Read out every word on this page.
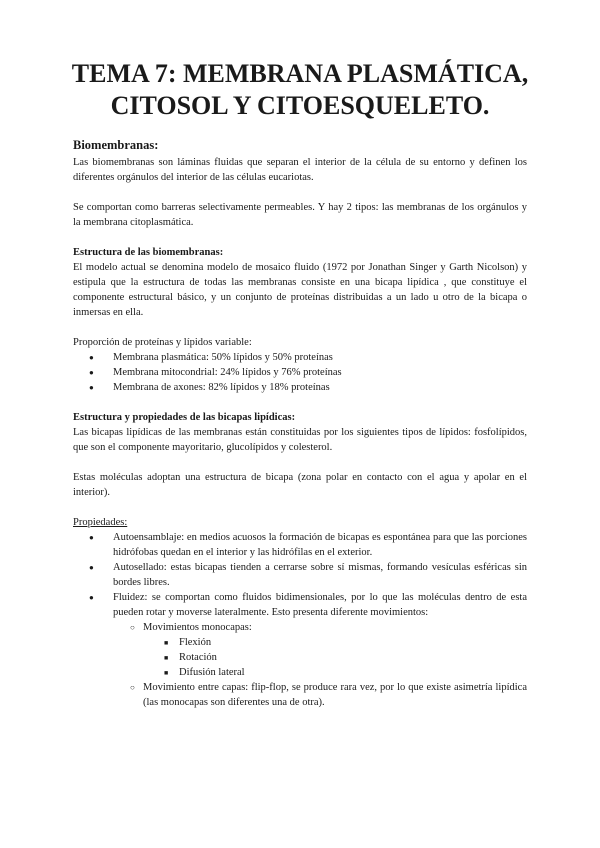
TEMA 7: MEMBRANA PLASMÁTICA,
CITOSOL Y CITOESQUELETO.
Biomembranas:

Las biomembranas son láminas fluidas que separan el interior de la célula de su entorno y definen los diferentes orgánulos del interior de las células eucariotas.

Se comportan como barreras selectivamente permeables. Y hay 2 tipos: las membranas de los orgánulos y la membrana citoplasmática.

Estructura de las biomembranas:

El modelo actual se denomina modelo de mosaico fluido (1972 por Jonathan Singer y Garth Nicolson) y estipula que la estructura de todas las membranas consiste en una bicapa lipídica , que constituye el componente estructural básico, y un conjunto de proteínas distribuidas a un lado u otro de la bicapa o inmersas en ella.

Proporción de proteínas y lípidos variable:

● Membrana plasmática: 50% lípidos y 50% proteínas
● Membrana mitocondrial: 24% lípidos y 76% proteínas
● Membrana de axones: 82% lípidos y 18% proteínas
Estructura y propiedades de las bicapas lipídicas:

Las bicapas lipídicas de las membranas están constituidas por los siguientes tipos de lípidos: fosfolípidos, que son el componente mayoritario, glucolípidos y colesterol.

Estas moléculas adoptan una estructura de bicapa (zona polar en contacto con el agua y apolar en el interior).

Propiedades:

● Autoensamblaje: en medios acuosos la formación de bicapas es espontánea para que las porciones hidrófobas quedan en el interior y las hidrófilas en el exterior.
● Autosellado: estas bicapas tienden a cerrarse sobre sí mismas, formando vesículas esféricas sin bordes libres.
● Fluidez: se comportan como fluidos bidimensionales, por lo que las moléculas dentro de esta pueden rotar y moverse lateralmente. Esto presenta diferente movimientos:
○ Movimientos monocapas:
■ Flexión
■ Rotación
■ Difusión lateral
○ Movimiento entre capas: flip-flop, se produce rara vez, por lo que existe asimetría lipídica (las monocapas son diferentes una de otra).
